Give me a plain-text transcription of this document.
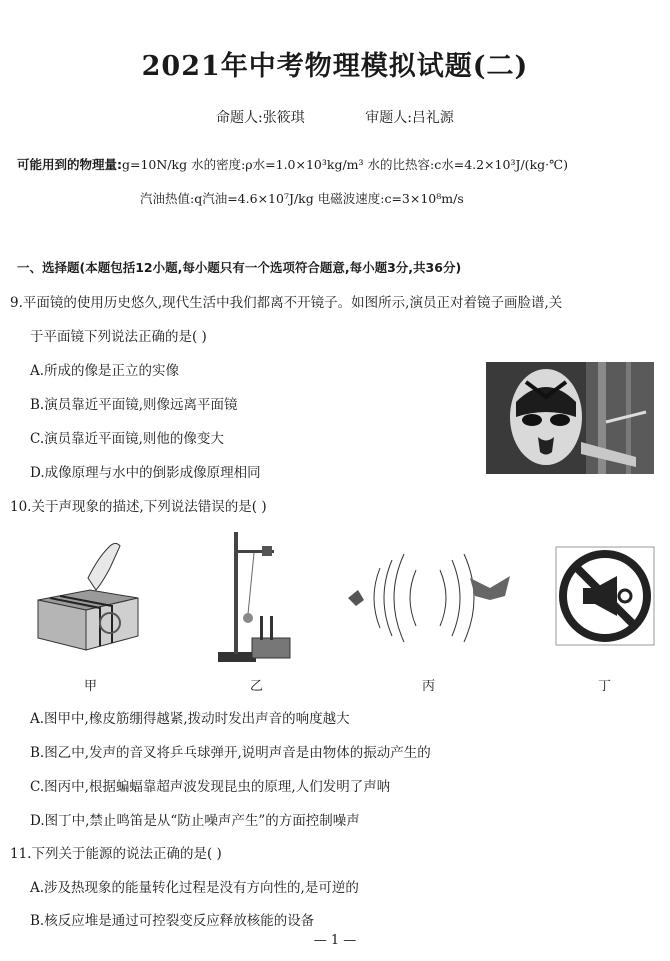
2021年中考物理模拟试题(二)
命题人:张筱琪	审题人:吕礼源
可能用到的物理量:g=10N/kg 水的密度:ρ水=1.0×10³kg/m³ 水的比热容:c水=4.2×10³J/(kg·℃)
汽油热值:q汽油=4.6×10⁷J/kg 电磁波速度:c=3×10⁸m/s
一、选择题(本题包括12小题,每小题只有一个选项符合题意,每小题3分,共36分)
9.平面镜的使用历史悠久,现代生活中我们都离不开镜子。如图所示,演员正对着镜子画脸谱,关
于平面镜下列说法正确的是( )
A.所成的像是正立的实像
B.演员靠近平面镜,则像远离平面镜
C.演员靠近平面镜,则他的像变大
D.成像原理与水中的倒影成像原理相同
10.关于声现象的描述,下列说法错误的是( )
甲	乙	丙	丁
A.图甲中,橡皮筋绷得越紧,拨动时发出声音的响度越大
B.图乙中,发声的音叉将乒乓球弹开,说明声音是由物体的振动产生的
C.图丙中,根据蝙蝠靠超声波发现昆虫的原理,人们发明了声呐
D.图丁中,禁止鸣笛是从“防止噪声产生”的方面控制噪声
11.下列关于能源的说法正确的是( )
A.涉及热现象的能量转化过程是没有方向性的,是可逆的
B.核反应堆是通过可控裂变反应释放核能的设备
— 1 —
